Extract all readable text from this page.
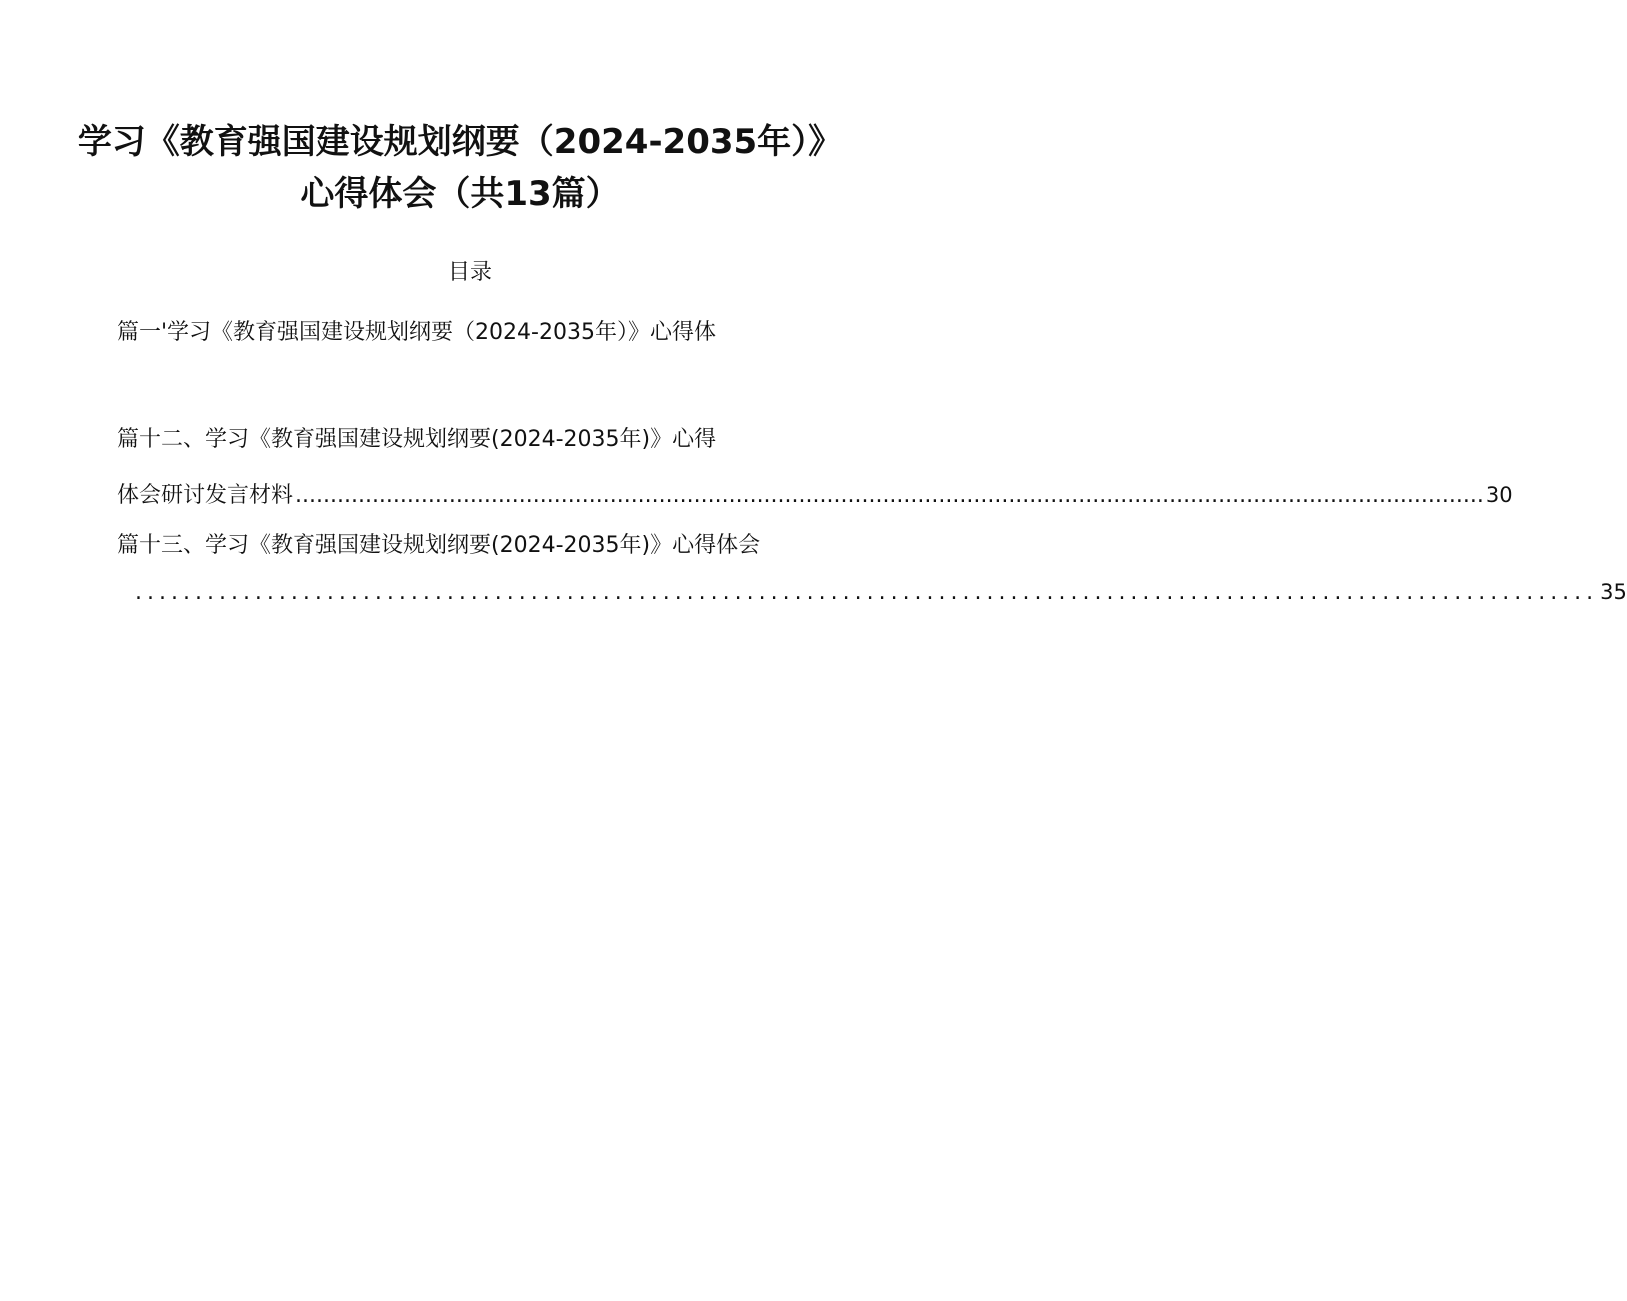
学习《教育强国建设规划纲要（2024-2035年）》
心得体会（共13篇）
目录
篇一'学习《教育强国建设规划纲要（2024-2035年）》心得体
篇十二、学习《教育强国建设规划纲要(2024-2035年)》心得
体会研讨发言材料 .......................................................................................................................................................................... 30
篇十三、学习《教育强国建设规划纲要(2024-2035年)》心得体会
.......................................................................................................................... 35
